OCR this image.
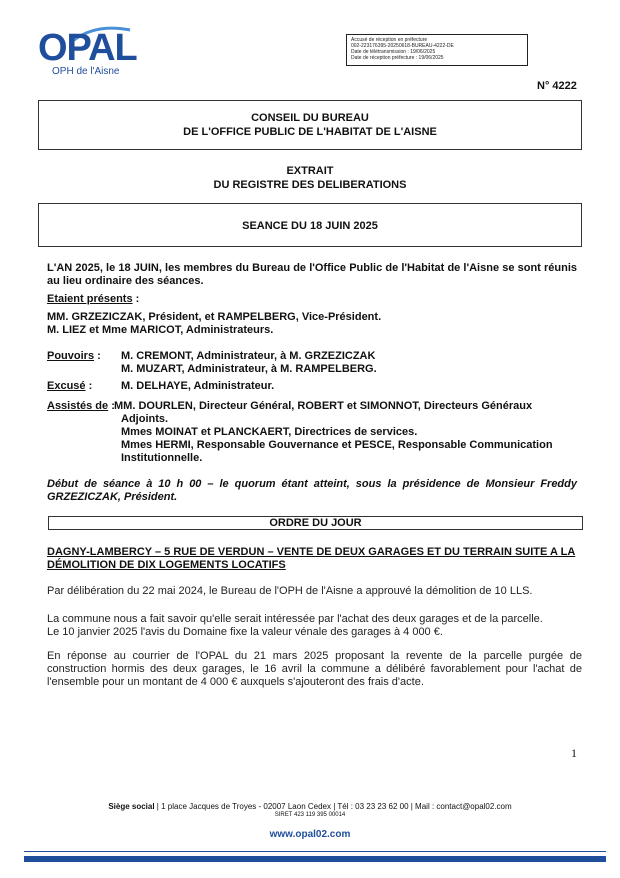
OPAL
OPH de l'Aisne
Accusé de réception en préfecture
002-223176395-20250618-BUREAU-4222-DE
Date de télétransmission : 19/06/2025
Date de réception préfecture : 19/06/2025
N° 4222
CONSEIL DU BUREAU
DE L'OFFICE PUBLIC DE L'HABITAT DE L'AISNE
EXTRAIT
DU REGISTRE DES DELIBERATIONS
SEANCE DU 18 JUIN 2025
L'AN 2025, le 18 JUIN, les membres du Bureau de l'Office Public de l'Habitat de l'Aisne se sont réunis au lieu ordinaire des séances.
Etaient présents :
MM. GRZEZICZAK, Président, et RAMPELBERG, Vice-Président.
M. LIEZ et Mme MARICOT, Administrateurs.
Pouvoirs : M. CREMONT, Administrateur, à M. GRZEZICZAK
M. MUZART, Administrateur, à M. RAMPELBERG.
Excusé :	M. DELHAYE, Administrateur.
Assistés de : MM. DOURLEN, Directeur Général, ROBERT et SIMONNOT, Directeurs Généraux
Adjoints.
Mmes MOINAT et PLANCKAERT, Directrices de services.
Mmes HERMI, Responsable Gouvernance et PESCE, Responsable Communication
Institutionnelle.
Début de séance à 10 h 00 – le quorum étant atteint, sous la présidence de Monsieur Freddy GRZEZICZAK, Président.
ORDRE DU JOUR
DAGNY-LAMBERCY – 5 RUE DE VERDUN – VENTE DE DEUX GARAGES ET DU TERRAIN SUITE A LA DÉMOLITION DE DIX LOGEMENTS LOCATIFS
Par délibération du 22 mai 2024, le Bureau de l'OPH de l'Aisne a approuvé la démolition de 10 LLS.
La commune nous a fait savoir qu'elle serait intéressée par l'achat des deux garages et de la parcelle.
Le 10 janvier 2025 l'avis du Domaine fixe la valeur vénale des garages à 4 000 €.
En réponse au courrier de l'OPAL du 21 mars 2025 proposant la revente de la parcelle purgée de construction hormis des deux garages, le 16 avril la commune a délibéré favorablement pour l'achat de l'ensemble pour un montant de 4 000 € auxquels s'ajouteront des frais d'acte.
1
Siège social | 1 place Jacques de Troyes - 02007 Laon Cedex | Tél : 03 23 23 62 00 | Mail : contact@opal02.com
SIRET 423 119 395 00014
www.opal02.com
